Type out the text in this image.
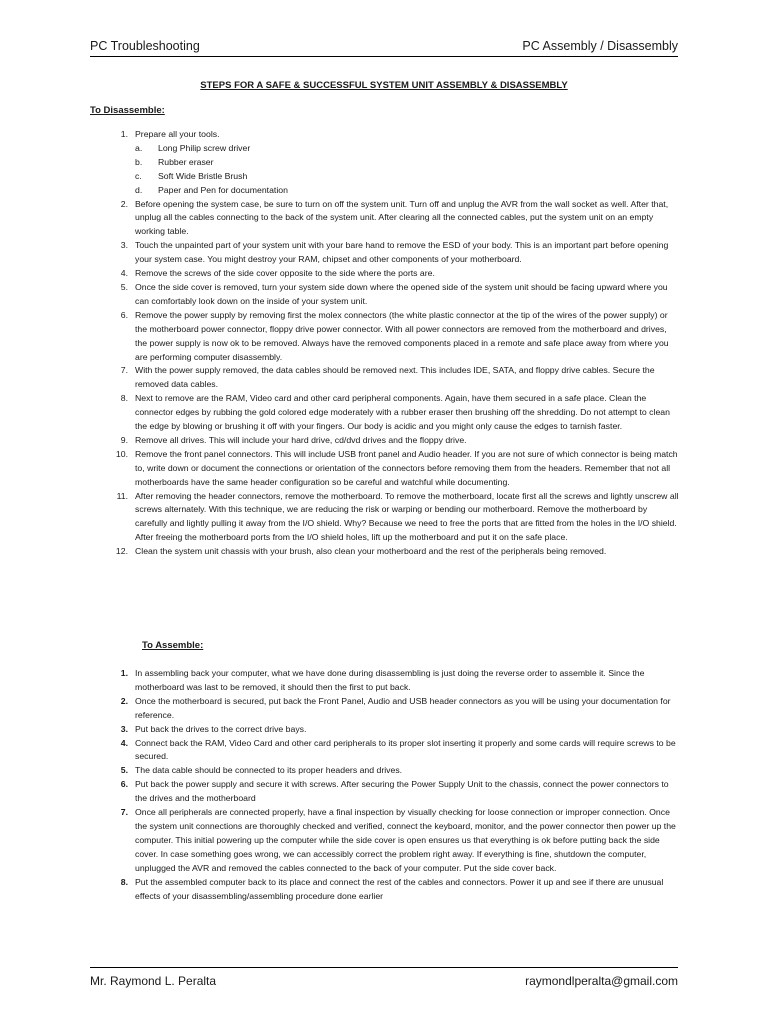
PC Troubleshooting	PC Assembly / Disassembly
STEPS FOR A SAFE & SUCCESSFUL SYSTEM UNIT ASSEMBLY & DISASSEMBLY
To Disassemble:
1. Prepare all your tools.
a.	Long Philip screw driver
b.	Rubber eraser
c.	Soft Wide Bristle Brush
d.	Paper and Pen for documentation
2. Before opening the system case, be sure to turn on off the system unit. Turn off and unplug the AVR from the wall socket as well. After that, unplug all the cables connecting to the back of the system unit. After clearing all the connected cables, put the system unit on an empty working table.
3. Touch the unpainted part of your system unit with your bare hand to remove the ESD of your body. This is an important part before opening your system case. You might destroy your RAM, chipset and other components of your motherboard.
4. Remove the screws of the side cover opposite to the side where the ports are.
5. Once the side cover is removed, turn your system side down where the opened side of the system unit should be facing upward where you can comfortably look down on the inside of your system unit.
6. Remove the power supply by removing first the molex connectors (the white plastic connector at the tip of the wires of the power supply) or the motherboard power connector, floppy drive power connector. With all power connectors are removed from the motherboard and drives, the power supply is now ok to be removed. Always have the removed components placed in a remote and safe place away from where you are performing computer disassembly.
7. With the power supply removed, the data cables should be removed next. This includes IDE, SATA, and floppy drive cables. Secure the removed data cables.
8. Next to remove are the RAM, Video card and other card peripheral components. Again, have them secured in a safe place. Clean the connector edges by rubbing the gold colored edge moderately with a rubber eraser then brushing off the shredding. Do not attempt to clean the edge by blowing or brushing it off with your fingers. Our body is acidic and you might only cause the edges to tarnish faster.
9. Remove all drives. This will include your hard drive, cd/dvd drives and the floppy drive.
10. Remove the front panel connectors. This will include USB front panel and Audio header. If you are not sure of which connector is being match to, write down or document the connections or orientation of the connectors before removing them from the headers. Remember that not all motherboards have the same header configuration so be careful and watchful while documenting.
11. After removing the header connectors, remove the motherboard. To remove the motherboard, locate first all the screws and lightly unscrew all screws alternately. With this technique, we are reducing the risk or warping or bending our motherboard. Remove the motherboard by carefully and lightly pulling it away from the I/O shield. Why? Because we need to free the ports that are fitted from the holes in the I/O shield. After freeing the motherboard ports from the I/O shield holes, lift up the motherboard and put it on the safe place.
12. Clean the system unit chassis with your brush, also clean your motherboard and the rest of the peripherals being removed.
To Assemble:
1. In assembling back your computer, what we have done during disassembling is just doing the reverse order to assemble it. Since the motherboard was last to be removed, it should then the first to put back.
2. Once the motherboard is secured, put back the Front Panel, Audio and USB header connectors as you will be using your documentation for reference.
3. Put back the drives to the correct drive bays.
4. Connect back the RAM, Video Card and other card peripherals to its proper slot inserting it properly and some cards will require screws to be secured.
5. The data cable should be connected to its proper headers and drives.
6. Put back the power supply and secure it with screws. After securing the Power Supply Unit to the chassis, connect the power connectors to the drives and the motherboard
7. Once all peripherals are connected properly, have a final inspection by visually checking for loose connection or improper connection. Once the system unit connections are thoroughly checked and verified, connect the keyboard, monitor, and the power connector then power up the computer. This initial powering up the computer while the side cover is open ensures us that everything is ok before putting back the side cover. In case something goes wrong, we can accessibly correct the problem right away. If everything is fine, shutdown the computer, unplugged the AVR and removed the cables connected to the back of your computer. Put the side cover back.
8. Put the assembled computer back to its place and connect the rest of the cables and connectors. Power it up and see if there are unusual effects of your disassembling/assembling procedure done earlier
Mr. Raymond L. Peralta	raymondlperalta@gmail.com
